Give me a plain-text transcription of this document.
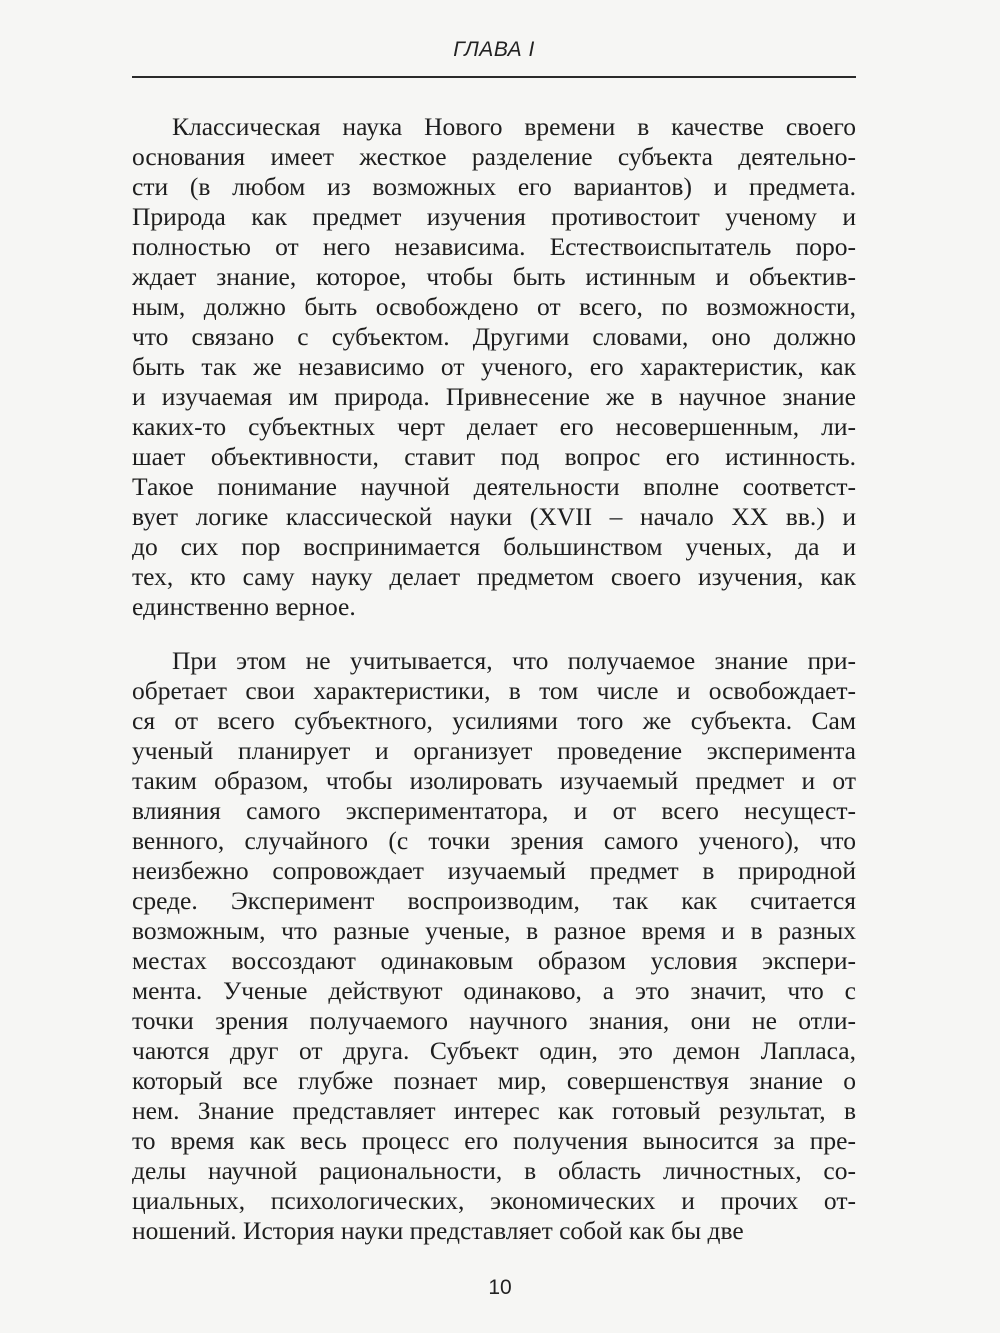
ГЛАВА I
Классическая наука Нового времени в качестве своего
основания имеет жесткое разделение субъекта деятельно-
сти (в любом из возможных его вариантов) и предмета.
Природа как предмет изучения противостоит ученому и
полностью от него независима. Естествоиспытатель поро-
ждает знание, которое, чтобы быть истинным и объектив-
ным, должно быть освобождено от всего, по возможности,
что связано с субъектом. Другими словами, оно должно
быть так же независимо от ученого, его характеристик, как
и изучаемая им природа. Привнесение же в научное знание
каких-то субъектных черт делает его несовершенным, ли-
шает объективности, ставит под вопрос его истинность.
Такое понимание научной деятельности вполне соответст-
вует логике классической науки (XVII – начало XX вв.) и
до сих пор воспринимается большинством ученых, да и
тех, кто саму науку делает предметом своего изучения, как
единственно верное.
При этом не учитывается, что получаемое знание при-
обретает свои характеристики, в том числе и освобождает-
ся от всего субъектного, усилиями того же субъекта. Сам
ученый планирует и организует проведение эксперимента
таким образом, чтобы изолировать изучаемый предмет и от
влияния самого экспериментатора, и от всего несущест-
венного, случайного (с точки зрения самого ученого), что
неизбежно сопровождает изучаемый предмет в природной
среде. Эксперимент воспроизводим, так как считается
возможным, что разные ученые, в разное время и в разных
местах воссоздают одинаковым образом условия экспери-
мента. Ученые действуют одинаково, а это значит, что с
точки зрения получаемого научного знания, они не отли-
чаются друг от друга. Субъект один, это демон Лапласа,
который все глубже познает мир, совершенствуя знание о
нем. Знание представляет интерес как готовый результат, в
то время как весь процесс его получения выносится за пре-
делы научной рациональности, в область личностных, со-
циальных, психологических, экономических и прочих от-
ношений. История науки представляет собой как бы две
10
